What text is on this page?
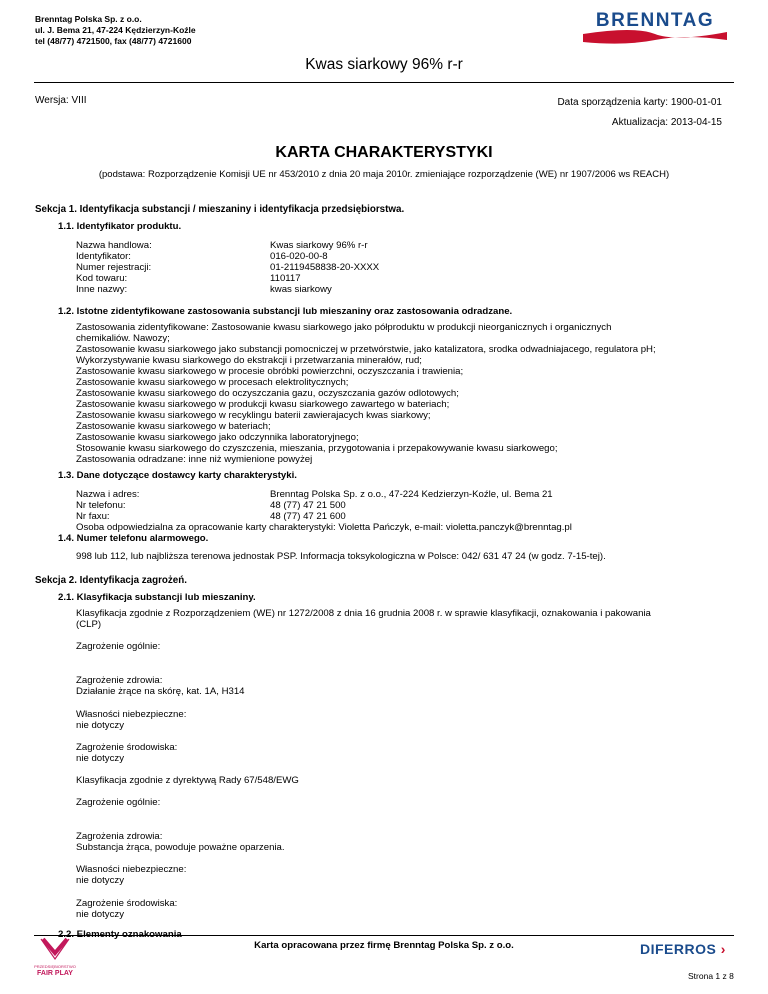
Brenntag Polska Sp. z o.o.
ul. J. Bema 21, 47-224 Kędzierzyn-Koźle
tel (48/77) 4721500, fax (48/77) 4721600
BRENNTAG
Kwas siarkowy 96% r-r
Wersja: VIII	Data sporządzenia karty: 1900-01-01
Aktualizacja: 2013-04-15
KARTA CHARAKTERYSTYKI
(podstawa: Rozporządzenie Komisji UE nr 453/2010 z dnia 20 maja 2010r. zmieniające rozporządzenie (WE) nr 1907/2006 ws REACH)
Sekcja 1. Identyfikacja substancji / mieszaniny i identyfikacja przedsiębiorstwa.
1.1. Identyfikator produktu.
Nazwa handlowa:
Identyfikator:
Numer rejestracji:
Kod towaru:
Inne nazwy:
Kwas siarkowy 96% r-r
016-020-00-8
01-2119458838-20-XXXX
110117
kwas siarkowy
1.2. Istotne zidentyfikowane zastosowania substancji lub mieszaniny oraz zastosowania odradzane.
Zastosowania zidentyfikowane: Zastosowanie kwasu siarkowego jako półproduktu w produkcji nieorganicznych i organicznych
chemikaliów. Nawozy;
Zastosowanie kwasu siarkowego jako substancji pomocniczej w przetwórstwie, jako katalizatora, srodka odwadniajacego, regulatora pH;
Wykorzystywanie kwasu siarkowego do ekstrakcji i przetwarzania minerałów, rud;
Zastosowanie kwasu siarkowego w procesie obróbki powierzchni, oczyszczania i trawienia;
Zastosowanie kwasu siarkowego w procesach elektrolitycznych;
Zastosowanie kwasu siarkowego do oczyszczania gazu, oczyszczania gazów odlotowych;
Zastosowanie kwasu siarkowego w produkcji kwasu siarkowego zawartego w bateriach;
Zastosowanie kwasu siarkowego w recyklingu baterii zawierajacych kwas siarkowy;
Zastosowanie kwasu siarkowego w bateriach;
Zastosowanie kwasu siarkowego jako odczynnika laboratoryjnego;
Stosowanie kwasu siarkowego do czyszczenia, mieszania, przygotowania i przepakowywanie kwasu siarkowego;
Zastosowania odradzane: inne niż wymienione powyżej
1.3. Dane dotyczące dostawcy karty charakterystyki.
Nazwa i adres:
Nr telefonu:
Nr faxu:
Brenntag Polska Sp. z o.o., 47-224 Kedzierzyn-Koźle, ul. Bema 21
48 (77) 47 21 500
48 (77) 47 21 600
Osoba odpowiedzialna za opracowanie karty charakterystyki: Violetta Pańczyk, e-mail: violetta.panczyk@brenntag.pl
1.4. Numer telefonu alarmowego.
998 lub 112, lub najbliższa terenowa jednostak PSP. Informacja toksykologiczna w Polsce: 042/ 631 47 24 (w godz. 7-15-tej).
Sekcja 2. Identyfikacja zagrożeń.
2.1. Klasyfikacja substancji lub mieszaniny.
Klasyfikacja zgodnie z Rozporządzeniem (WE) nr 1272/2008 z dnia 16 grudnia 2008 r. w sprawie klasyfikacji, oznakowania i pakowania
(CLP)
Zagrożenie ogólnie:
Zagrożenie zdrowia:
Działanie żrące na skórę, kat. 1A, H314
Własności niebezpieczne:
nie dotyczy
Zagrożenie środowiska:
nie dotyczy
Klasyfikacja zgodnie z dyrektywą Rady 67/548/EWG
Zagrożenie ogólnie:
Zagrożenia zdrowia:
Substancja żrąca, powoduje poważne oparzenia.
Własności niebezpieczne:
nie dotyczy
Zagrożenie środowiska:
nie dotyczy
PRZEDSIĘBIORSTWO
FAIR PLAY
Karta opracowana przez firmę Brenntag Polska Sp. z o.o.	DIFERROS ›
Strona 1 z 8
